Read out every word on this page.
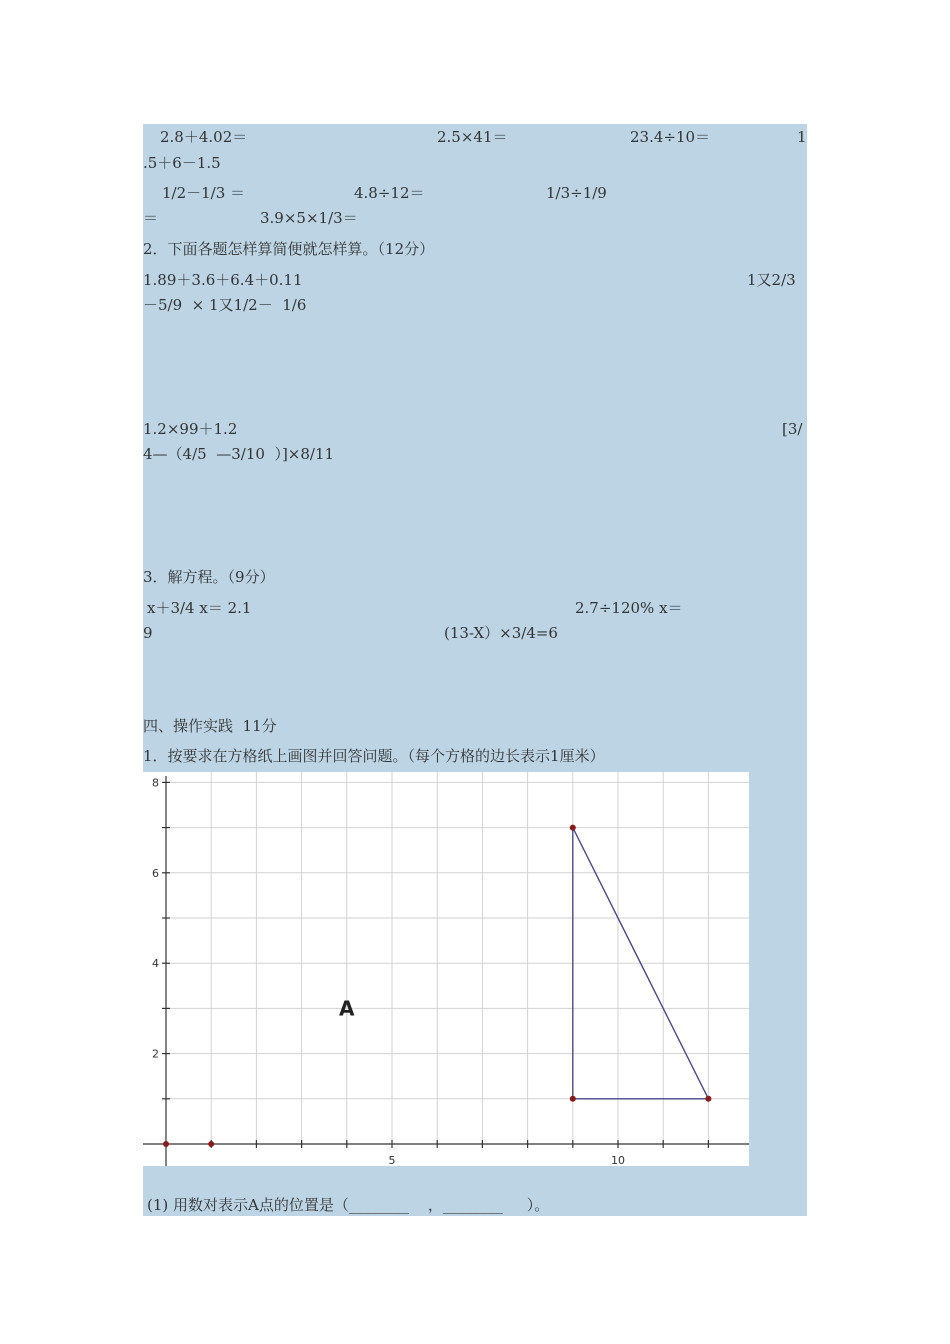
2.8＋4.02＝	2.5×41＝	23.4÷10＝	1
.5＋6－1.5
1/2－1/3 ＝	4.8÷12＝	1/3÷1/9
＝	3.9×5×1/3＝
2．下面各题怎样算简便就怎样算。（12分）
1.89＋3.6＋6.4＋0.11	1又2/3
－5/9  × 1又1/2－  1/6
1.2×99＋1.2	[3/
4—（4/5  —3/10  ）]×8/11
3．解方程。（9分）
x＋3/4 x＝ 2.1	2.7÷120% x＝
9	(13-X）×3/4=6
四、操作实践  11分
1．按要求在方格纸上画图并回答问题。（每个方格的边长表示1厘米）
5	10
2
4
6
8
A
(1) 用数对表示A点的位置是（________    ，________     ）。
